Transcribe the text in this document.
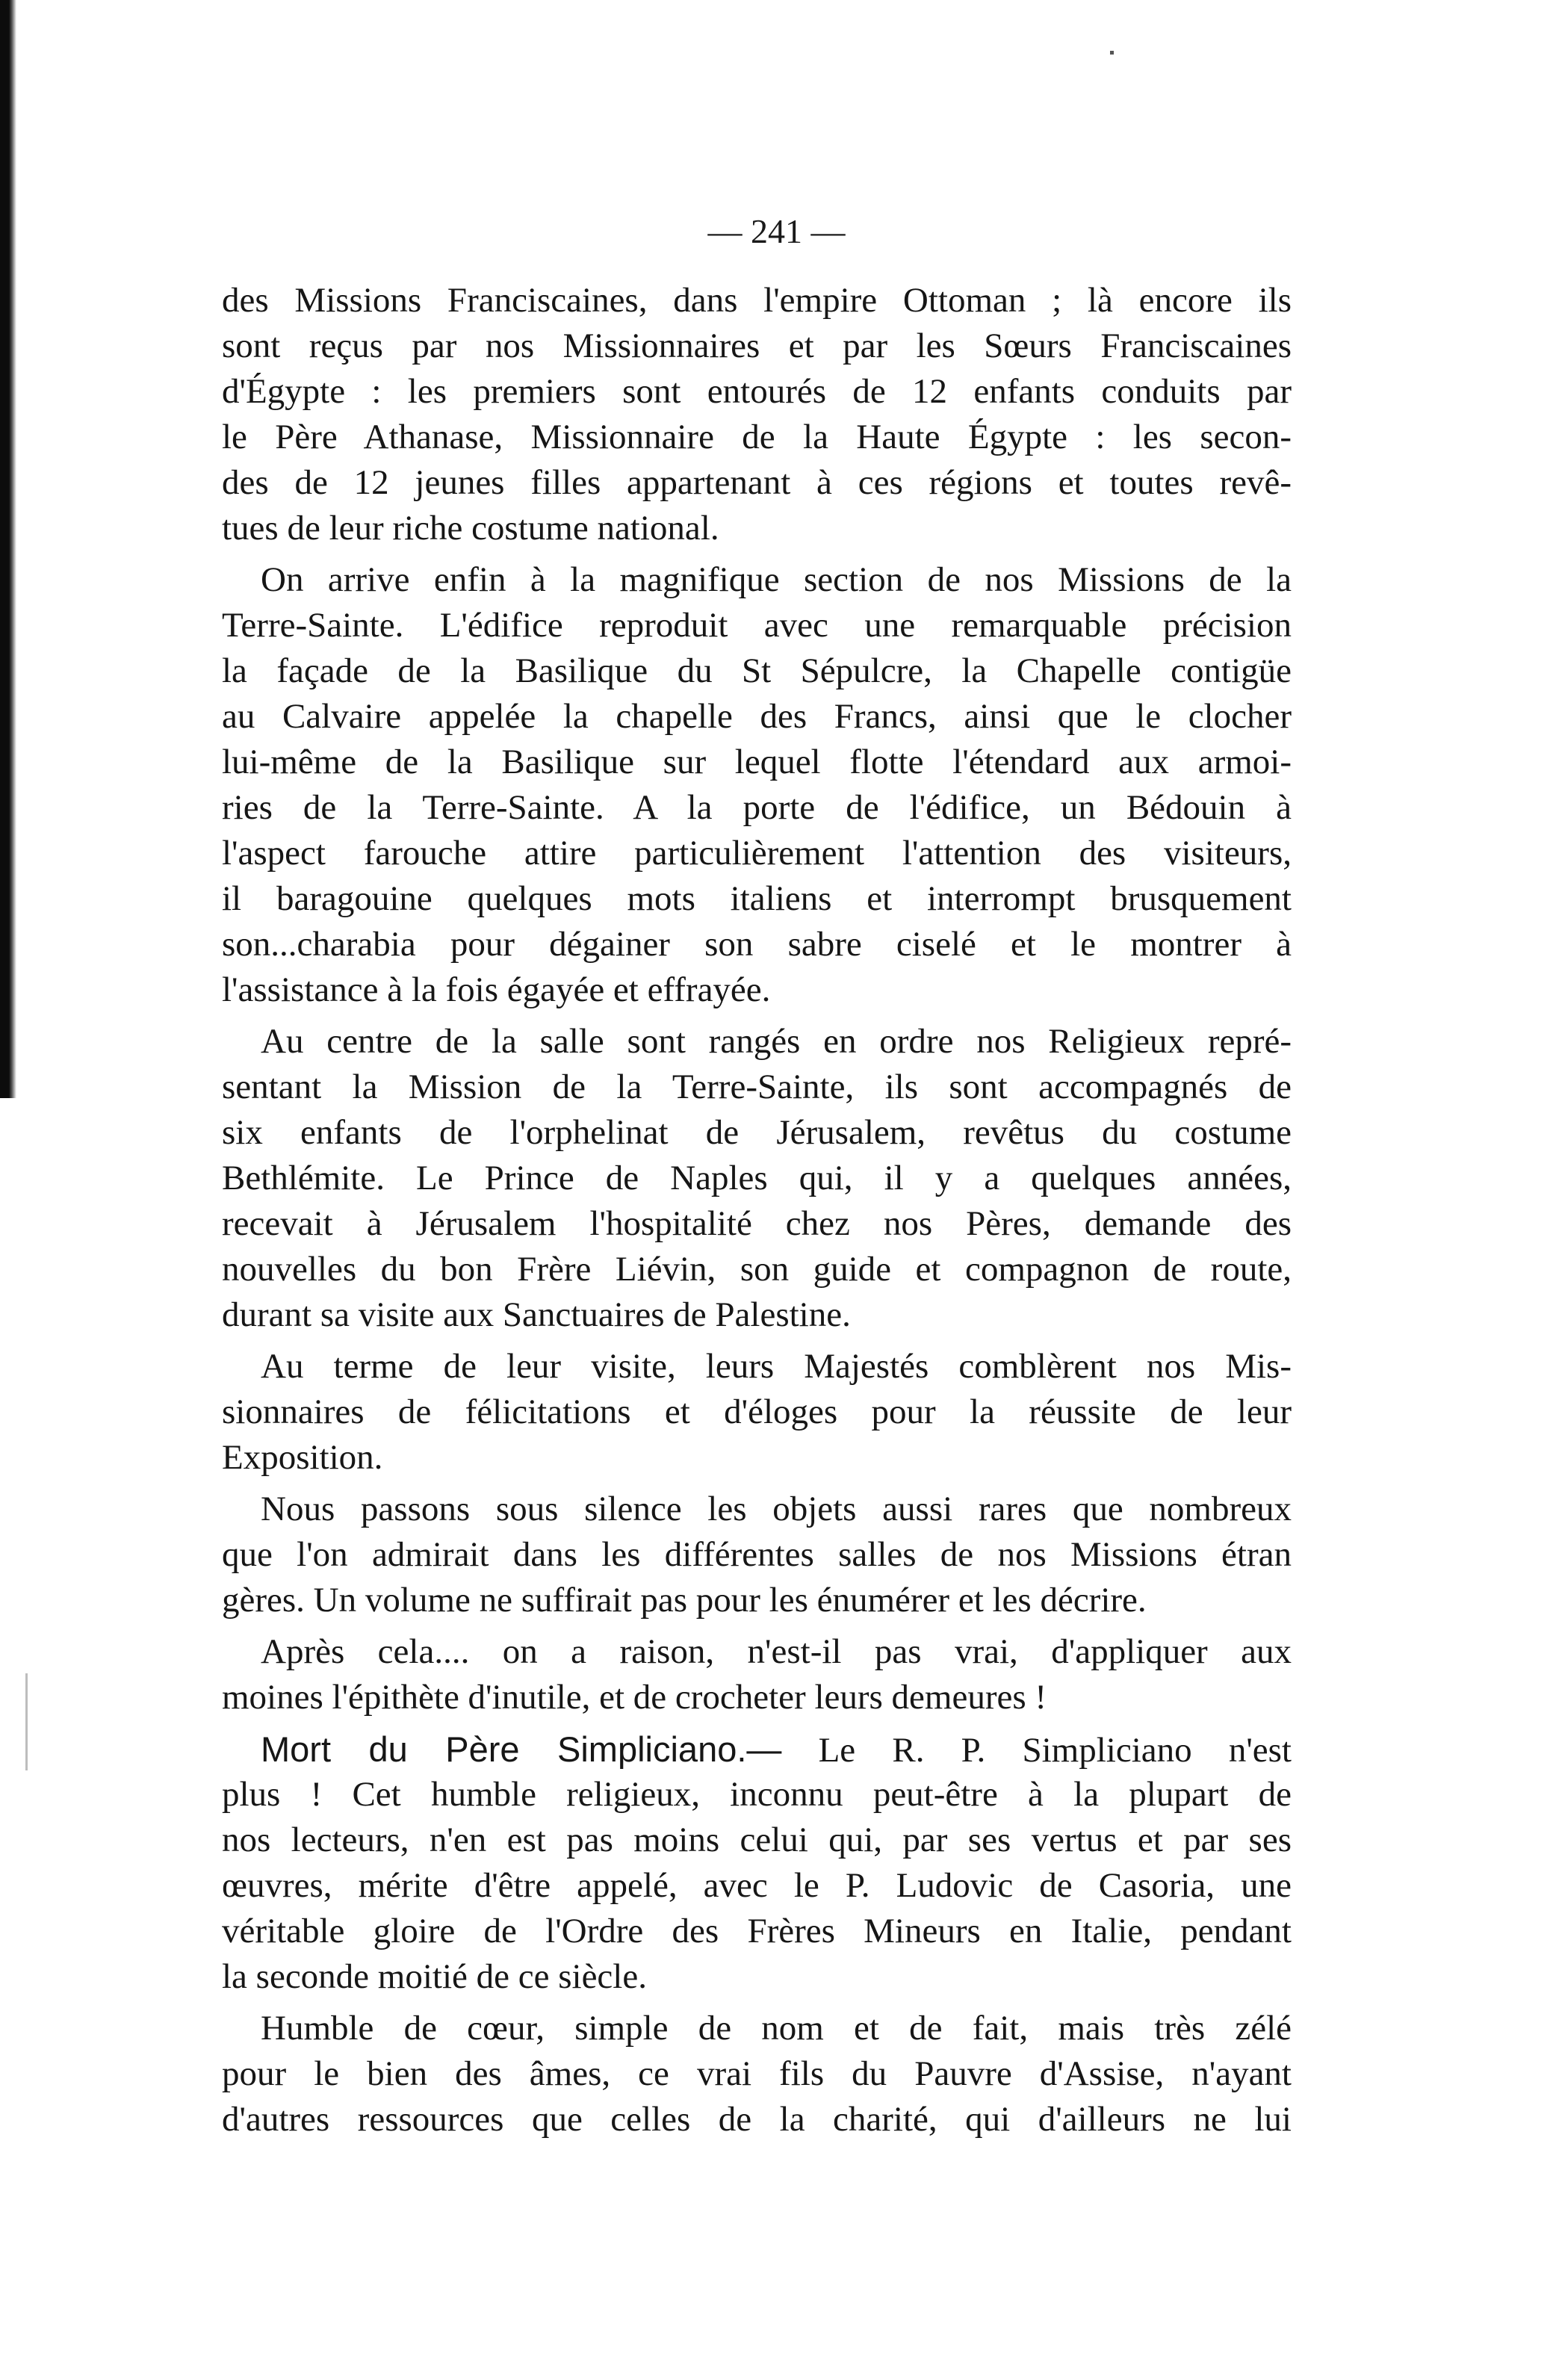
— 241 —
des Missions Franciscaines, dans l'empire Ottoman ; là encore ils
sont reçus par nos Missionnaires et par les Sœurs Franciscaines
d'Égypte : les premiers sont entourés de 12 enfants conduits par
le Père Athanase, Missionnaire de la Haute Égypte : les secon-
des de 12 jeunes filles appartenant à ces régions et toutes revê-
tues de leur riche costume national.
On arrive enfin à la magnifique section de nos Missions de la
Terre-Sainte. L'édifice reproduit avec une remarquable précision
la façade de la Basilique du St Sépulcre, la Chapelle contigüe
au Calvaire appelée la chapelle des Francs, ainsi que le clocher
lui-même de la Basilique sur lequel flotte l'étendard aux armoi-
ries de la Terre-Sainte. A la porte de l'édifice, un Bédouin à
l'aspect farouche attire particulièrement l'attention des visiteurs,
il baragouine quelques mots italiens et interrompt brusquement
son...charabia pour dégainer son sabre ciselé et le montrer à
l'assistance à la fois égayée et effrayée.
Au centre de la salle sont rangés en ordre nos Religieux repré-
sentant la Mission de la Terre-Sainte, ils sont accompagnés de
six enfants de l'orphelinat de Jérusalem, revêtus du costume
Bethlémite. Le Prince de Naples qui, il y a quelques années,
recevait à Jérusalem l'hospitalité chez nos Pères, demande des
nouvelles du bon Frère Liévin, son guide et compagnon de route,
durant sa visite aux Sanctuaires de Palestine.
Au terme de leur visite, leurs Majestés comblèrent nos Mis-
sionnaires de félicitations et d'éloges pour la réussite de leur
Exposition.
Nous passons sous silence les objets aussi rares que nombreux
que l'on admirait dans les différentes salles de nos Missions étran
gères. Un volume ne suffirait pas pour les énumérer et les décrire.
Après cela.... on a raison, n'est-il pas vrai, d'appliquer aux
moines l'épithète d'inutile, et de crocheter leurs demeures !
Mort du Père Simpliciano.— Le R. P. Simpliciano n'est
plus ! Cet humble religieux, inconnu peut-être à la plupart de
nos lecteurs, n'en est pas moins celui qui, par ses vertus et par ses
œuvres, mérite d'être appelé, avec le P. Ludovic de Casoria, une
véritable gloire de l'Ordre des Frères Mineurs en Italie, pendant
la seconde moitié de ce siècle.
Humble de cœur, simple de nom et de fait, mais très zélé
pour le bien des âmes, ce vrai fils du Pauvre d'Assise, n'ayant
d'autres ressources que celles de la charité, qui d'ailleurs ne lui
